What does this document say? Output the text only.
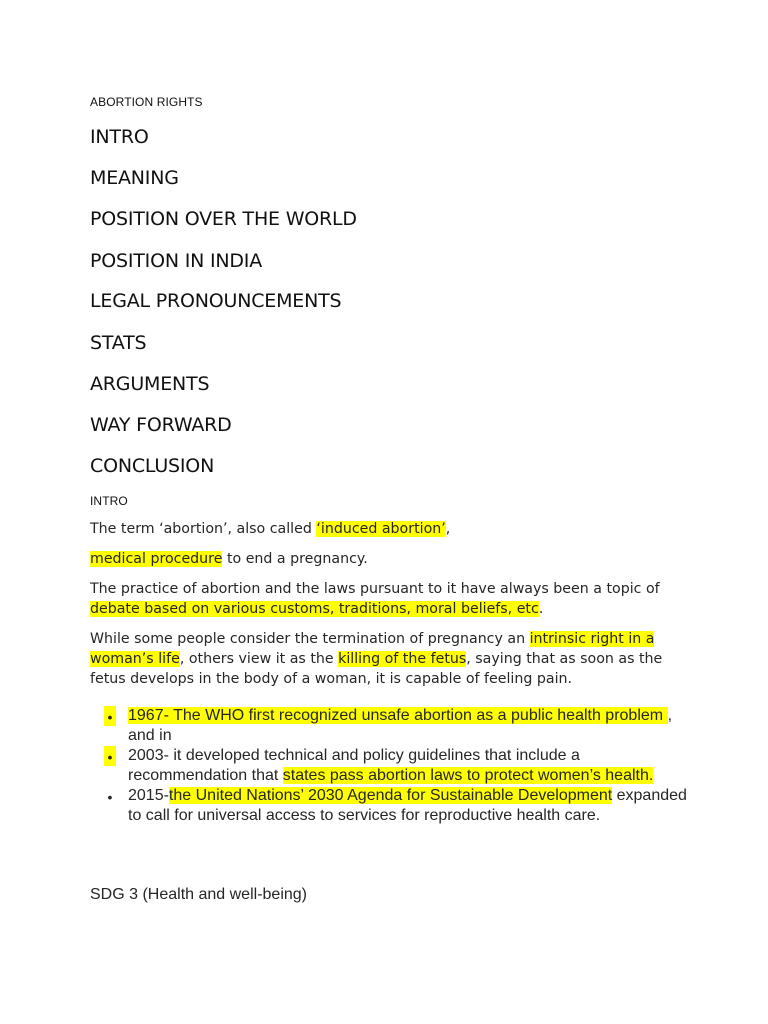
ABORTION RIGHTS
INTRO
MEANING
POSITION OVER THE WORLD
POSITION IN INDIA
LEGAL PRONOUNCEMENTS
STATS
ARGUMENTS
WAY FORWARD
CONCLUSION
INTRO
The term ‘abortion’, also called ‘induced abortion’,
medical procedure to end a pregnancy.
The practice of abortion and the laws pursuant to it have always been a topic of debate based on various customs, traditions, moral beliefs, etc.
While some people consider the termination of pregnancy an intrinsic right in a woman’s life, others view it as the killing of the fetus, saying that as soon as the fetus develops in the body of a woman, it is capable of feeling pain.
• 1967- The WHO first recognized unsafe abortion as a public health problem , and in
• 2003- it developed technical and policy guidelines that include a recommendation that states pass abortion laws to protect women’s health.
• 2015-the United Nations’ 2030 Agenda for Sustainable Development expanded to call for universal access to services for reproductive health care.
SDG 3 (Health and well-being)
